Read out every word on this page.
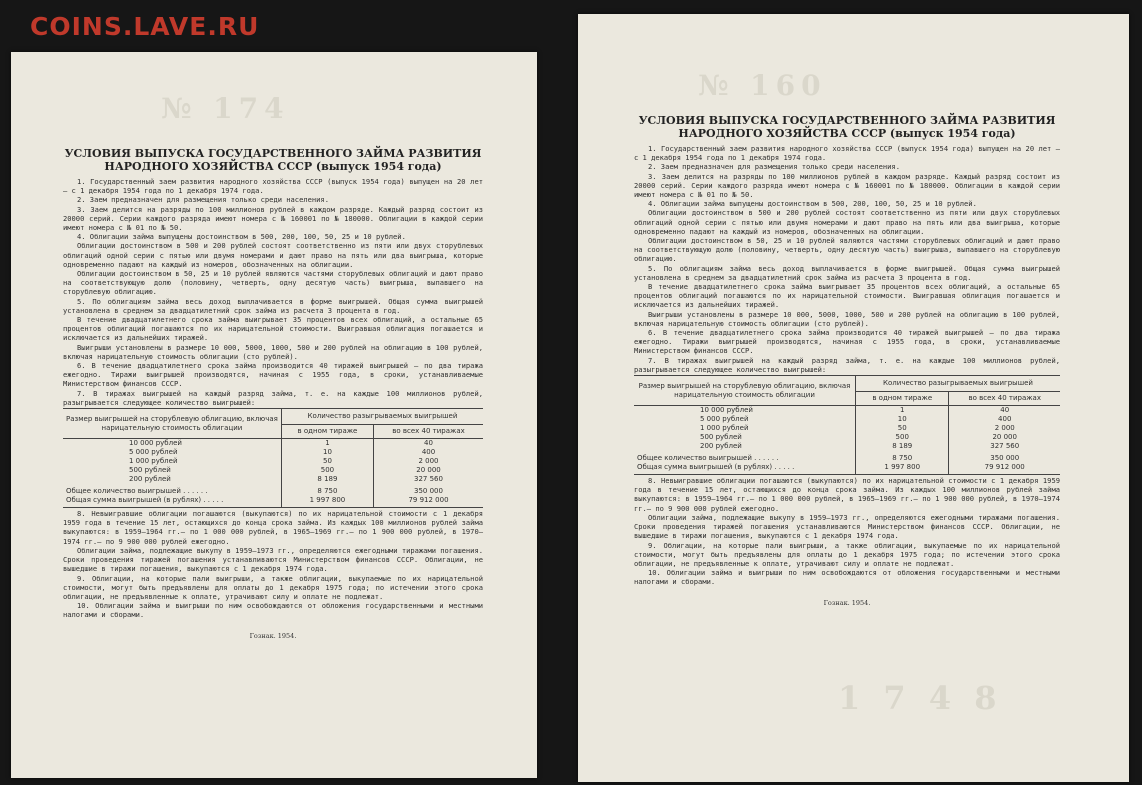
COINS.LAVE.RU
№ 174
УСЛОВИЯ ВЫПУСКА ГОСУДАРСТВЕННОГО ЗАЙМА РАЗВИТИЯ
НАРОДНОГО ХОЗЯЙСТВА СССР (выпуск 1954 года)

1. Государственный заем развития народного хозяйства СССР (выпуск 1954 года) выпущен на 20 лет — с 1 декабря 1954 года по 1 декабря 1974 года.

2. Заем предназначен для размещения только среди населения.

3. Заем делится на разряды по 100 миллионов рублей в каждом разряде. Каждый разряд состоит из 20000 серий. Серии каждого разряда имеют номера с № 160001 по № 180000. Облигации в каждой серии имеют номера с № 01 по № 50.

4. Облигации займа выпущены достоинством в 500, 200, 100, 50, 25 и 10 рублей.

Облигации достоинством в 500 и 200 рублей состоят соответственно из пяти или двух сторублевых облигаций одной серии с пятью или двумя номерами и дают право на пять или два выигрыша, которые одновременно падают на каждый из номеров, обозначенных на облигации.

Облигации достоинством в 50, 25 и 10 рублей являются частями сторублевых облигаций и дают право на соответствующую долю (половину, четверть, одну десятую часть) выигрыша, выпавшего на сторублевую облигацию.

5. По облигациям займа весь доход выплачивается в форме выигрышей. Общая сумма выигрышей установлена в среднем за двадцатилетний срок займа из расчета 3 процента в год.

В течение двадцатилетнего срока займа выигрывает 35 процентов всех облигаций, а остальные 65 процентов облигаций погашаются по их нарицательной стоимости. Выигравшая облигация погашается и исключается из дальнейших тиражей.

Выигрыши установлены в размере 10 000, 5000, 1000, 500 и 200 рублей на облигацию в 100 рублей, включая нарицательную стоимость облигации (сто рублей).

6. В течение двадцатилетнего срока займа производится 40 тиражей выигрышей — по два тиража ежегодно. Тиражи выигрышей производятся, начиная с 1955 года, в сроки, устанавливаемые Министерством финансов СССР.

7. В тиражах выигрышей на каждый разряд займа, т. е. на каждые 100 миллионов рублей, разыгрывается следующее количество выигрышей:

Размер выигрышей на сторублевую облигацию, включая нарицательную стоимость облигации	Количество разыгрываемых выигрышей	
	в одном тираже	во всех 40 тиражах
10 000 рублей	1	40
5 000 рублей	10	400
1 000 рублей	50	2 000
500 рублей	500	20 000
200 рублей	8 189	327 560
Общее количество выигрышей . . . . . .	8 750	350 000
Общая сумма выигрышей (в рублях) . . . . .	1 997 800	79 912 000

8. Невыигравшие облигации погашаются (выкупаются) по их нарицательной стоимости с 1 декабря 1959 года в течение 15 лет, остающихся до конца срока займа. Из каждых 100 миллионов рублей займа выкупаются: в 1959—1964 гг.— по 1 000 000 рублей, в 1965—1969 гг.— по 1 900 000 рублей, в 1970—1974 гг.— по 9 900 000 рублей ежегодно.

Облигации займа, подлежащие выкупу в 1959—1973 гг., определяются ежегодными тиражами погашения. Сроки проведения тиражей погашения устанавливаются Министерством финансов СССР. Облигации, не вышедшие в тиражи погашения, выкупаются с 1 декабря 1974 года.

9. Облигации, на которые пали выигрыши, а также облигации, выкупаемые по их нарицательной стоимости, могут быть предъявлены для оплаты до 1 декабря 1975 года; по истечении этого срока облигации, не предъявленные к оплате, утрачивают силу и оплате не подлежат.

10. Облигации займа и выигрыши по ним освобождаются от обложения государственными и местными налогами и сборами.

Гознак. 1954.
№ 160
1 7 4 8
УСЛОВИЯ ВЫПУСКА ГОСУДАРСТВЕННОГО ЗАЙМА РАЗВИТИЯ
НАРОДНОГО ХОЗЯЙСТВА СССР (выпуск 1954 года)

1. Государственный заем развития народного хозяйства СССР (выпуск 1954 года) выпущен на 20 лет — с 1 декабря 1954 года по 1 декабря 1974 года.

2. Заем предназначен для размещения только среди населения.

3. Заем делится на разряды по 100 миллионов рублей в каждом разряде. Каждый разряд состоит из 20000 серий. Серии каждого разряда имеют номера с № 160001 по № 180000. Облигации в каждой серии имеют номера с № 01 по № 50.

4. Облигации займа выпущены достоинством в 500, 200, 100, 50, 25 и 10 рублей.

Облигации достоинством в 500 и 200 рублей состоят соответственно из пяти или двух сторублевых облигаций одной серии с пятью или двумя номерами и дают право на пять или два выигрыша, которые одновременно падают на каждый из номеров, обозначенных на облигации.

Облигации достоинством в 50, 25 и 10 рублей являются частями сторублевых облигаций и дают право на соответствующую долю (половину, четверть, одну десятую часть) выигрыша, выпавшего на сторублевую облигацию.

5. По облигациям займа весь доход выплачивается в форме выигрышей. Общая сумма выигрышей установлена в среднем за двадцатилетний срок займа из расчета 3 процента в год.

В течение двадцатилетнего срока займа выигрывает 35 процентов всех облигаций, а остальные 65 процентов облигаций погашаются по их нарицательной стоимости. Выигравшая облигация погашается и исключается из дальнейших тиражей.

Выигрыши установлены в размере 10 000, 5000, 1000, 500 и 200 рублей на облигацию в 100 рублей, включая нарицательную стоимость облигации (сто рублей).

6. В течение двадцатилетнего срока займа производится 40 тиражей выигрышей — по два тиража ежегодно. Тиражи выигрышей производятся, начиная с 1955 года, в сроки, устанавливаемые Министерством финансов СССР.

7. В тиражах выигрышей на каждый разряд займа, т. е. на каждые 100 миллионов рублей, разыгрывается следующее количество выигрышей:

Размер выигрышей на сторублевую облигацию, включая нарицательную стоимость облигации	Количество разыгрываемых выигрышей	
	в одном тираже	во всех 40 тиражах
10 000 рублей	1	40
5 000 рублей	10	400
1 000 рублей	50	2 000
500 рублей	500	20 000
200 рублей	8 189	327 560
Общее количество выигрышей . . . . . .	8 750	350 000
Общая сумма выигрышей (в рублях) . . . . .	1 997 800	79 912 000

8. Невыигравшие облигации погашаются (выкупаются) по их нарицательной стоимости с 1 декабря 1959 года в течение 15 лет, остающихся до конца срока займа. Из каждых 100 миллионов рублей займа выкупаются: в 1959—1964 гг.— по 1 000 000 рублей, в 1965—1969 гг.— по 1 900 000 рублей, в 1970—1974 гг.— по 9 900 000 рублей ежегодно.

Облигации займа, подлежащие выкупу в 1959—1973 гг., определяются ежегодными тиражами погашения. Сроки проведения тиражей погашения устанавливаются Министерством финансов СССР. Облигации, не вышедшие в тиражи погашения, выкупаются с 1 декабря 1974 года.

9. Облигации, на которые пали выигрыши, а также облигации, выкупаемые по их нарицательной стоимости, могут быть предъявлены для оплаты до 1 декабря 1975 года; по истечении этого срока облигации, не предъявленные к оплате, утрачивают силу и оплате не подлежат.

10. Облигации займа и выигрыши по ним освобождаются от обложения государственными и местными налогами и сборами.

Гознак. 1954.
